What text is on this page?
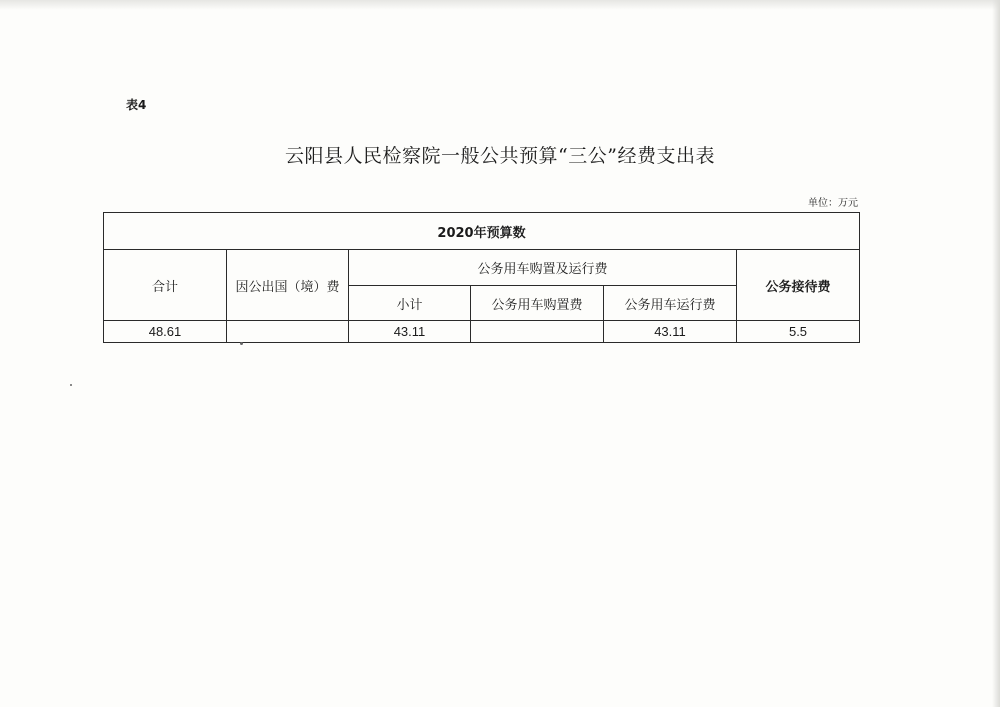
表4
云阳县人民检察院一般公共预算“三公”经费支出表
单位：万元
2020年预算数					
合计	因公出国（境）费	公务用车购置及运行费			公务接待费
		小计	公务用车购置费	公务用车运行费	
48.61		43.11		43.11	5.5
